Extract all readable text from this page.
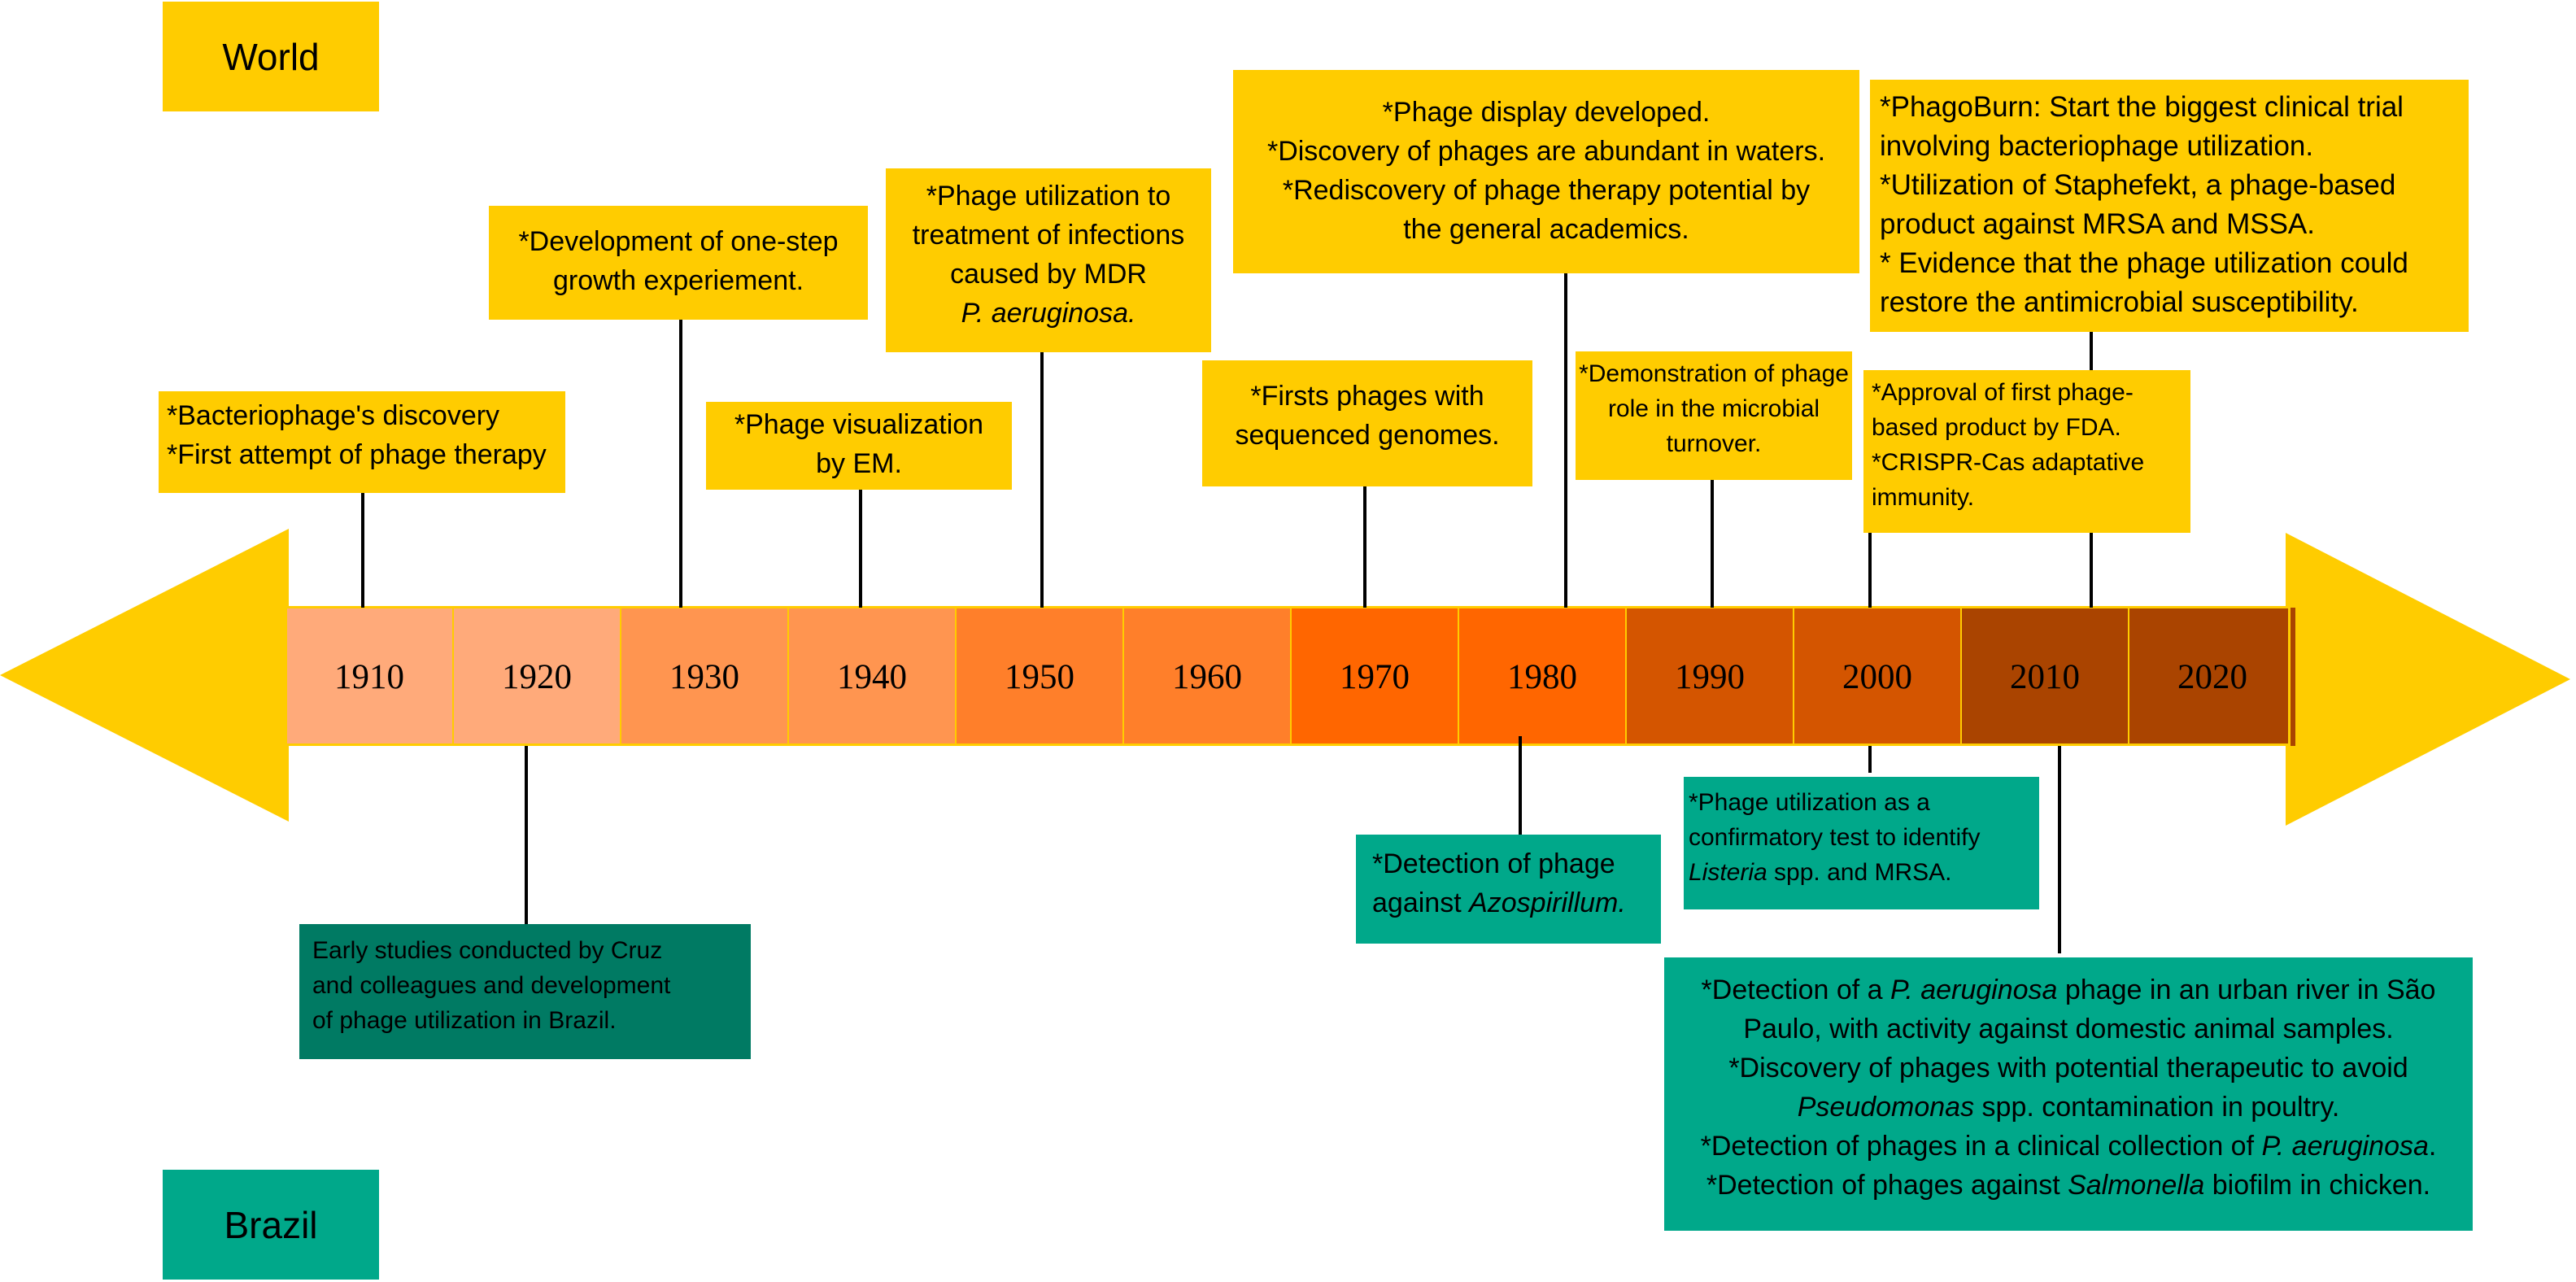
World
Brazil
1910	1920	1930	1940	1950	1960	1970	1980	1990	2000	2010	2020

*Bacteriophage's discovery

*First attempt of phage therapy

*Development of one-step

growth experiement.

*Phage visualization

by EM.

*Phage utilization to

treatment of infections

caused by MDR

P. aeruginosa.

*Firsts phages with

sequenced genomes.

*Phage display developed.

*Discovery of phages are abundant in waters.

*Rediscovery of phage therapy potential by

the general academics.

*Demonstration of phage

role in the microbial

turnover.

*Approval of first phage-

based product by FDA.

*CRISPR-Cas adaptative

immunity.

*PhagoBurn: Start the biggest clinical trial

involving bacteriophage utilization.

*Utilization of Staphefekt, a phage-based

product against MRSA and MSSA.

* Evidence that the phage utilization could

restore the antimicrobial susceptibility.

Early studies conducted by Cruz

and colleagues and development

of phage utilization in Brazil.

*Detection of phage

against Azospirillum.

*Phage utilization as a

confirmatory test to identify

Listeria spp. and MRSA.

*Detection of a P. aeruginosa phage in an urban river in São

Paulo, with activity against domestic animal samples.

*Discovery of phages with potential therapeutic to avoid

Pseudomonas spp. contamination in poultry.

*Detection of phages in a clinical collection of P. aeruginosa.

*Detection of phages against Salmonella biofilm in chicken.
